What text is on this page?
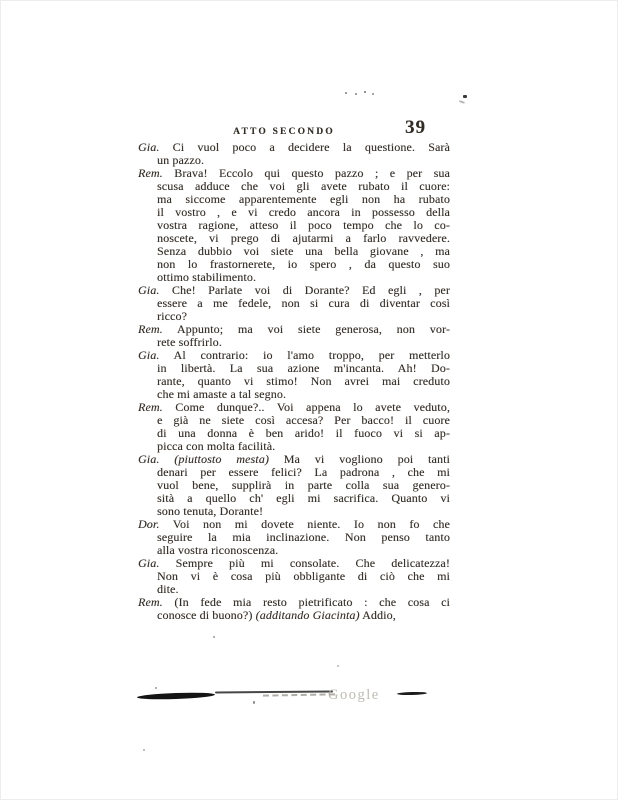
ATTO SECONDO	39
Gia. Ci vuol poco a decidere la questione. Sarà
un pazzo.
Rem. Brava! Eccolo qui questo pazzo ; e per sua
scusa adduce che voi gli avete rubato il cuore:
ma siccome apparentemente egli non ha rubato
il vostro , e vi credo ancora in possesso della
vostra ragione, atteso il poco tempo che lo co-
noscete, vi prego di ajutarmi a farlo ravvedere.
Senza dubbio voi siete una bella giovane , ma
non lo frastornerete, io spero , da questo suo
ottimo stabilimento.
Gia. Che! Parlate voi di Dorante? Ed egli , per
essere a me fedele, non si cura di diventar così
ricco?
Rem. Appunto; ma voi siete generosa, non vor-
rete soffrirlo.
Gia. Al contrario: io l'amo troppo, per metterlo
in libertà. La sua azione m'incanta. Ah! Do-
rante, quanto vi stimo! Non avrei mai creduto
che mi amaste a tal segno.
Rem. Come dunque?.. Voi appena lo avete veduto,
e già ne siete così accesa? Per bacco! il cuore
di una donna è ben arido! il fuoco vi si ap-
picca con molta facilità.
Gia. (piuttosto mesta) Ma vi vogliono poi tanti
denari per essere felici? La padrona , che mi
vuol bene, supplirà in parte colla sua genero-
sità a quello ch' egli mi sacrifica. Quanto vi
sono tenuta, Dorante!
Dor. Voi non mi dovete niente. Io non fo che
seguire la mia inclinazione. Non penso tanto
alla vostra riconoscenza.
Gia. Sempre più mi consolate. Che delicatezza!
Non vi è cosa più obbligante di ciò che mi
dite.
Rem. (In fede mia resto pietrificato : che cosa ci
conosce di buono?) (additando Giacinta) Addio,
Google
